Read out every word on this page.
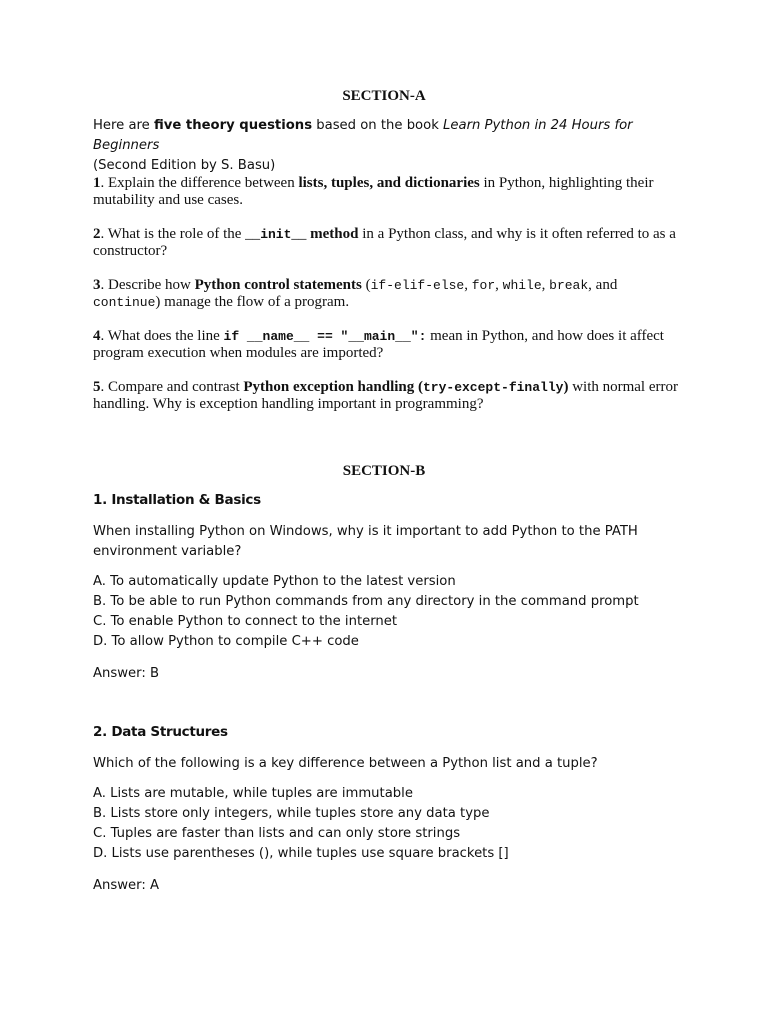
SECTION-A
Here are five theory questions based on the book Learn Python in 24 Hours for Beginners
(Second Edition by S. Basu)
1. Explain the difference between lists, tuples, and dictionaries in Python, highlighting their mutability and use cases.
2. What is the role of the __init__ method in a Python class, and why is it often referred to as a constructor?
3. Describe how Python control statements (if-elif-else, for, while, break, and
continue) manage the flow of a program.
4. What does the line if __name__ == "__main__": mean in Python, and how does it affect program execution when modules are imported?
5. Compare and contrast Python exception handling (try-except-finally) with normal error handling. Why is exception handling important in programming?
SECTION-B
1. Installation & Basics
When installing Python on Windows, why is it important to add Python to the PATH environment variable?
A. To automatically update Python to the latest version
B. To be able to run Python commands from any directory in the command prompt
C. To enable Python to connect to the internet
D. To allow Python to compile C++ code
Answer: B
2. Data Structures
Which of the following is a key difference between a Python list and a tuple?
A. Lists are mutable, while tuples are immutable
B. Lists store only integers, while tuples store any data type
C. Tuples are faster than lists and can only store strings
D. Lists use parentheses (), while tuples use square brackets []
Answer: A
